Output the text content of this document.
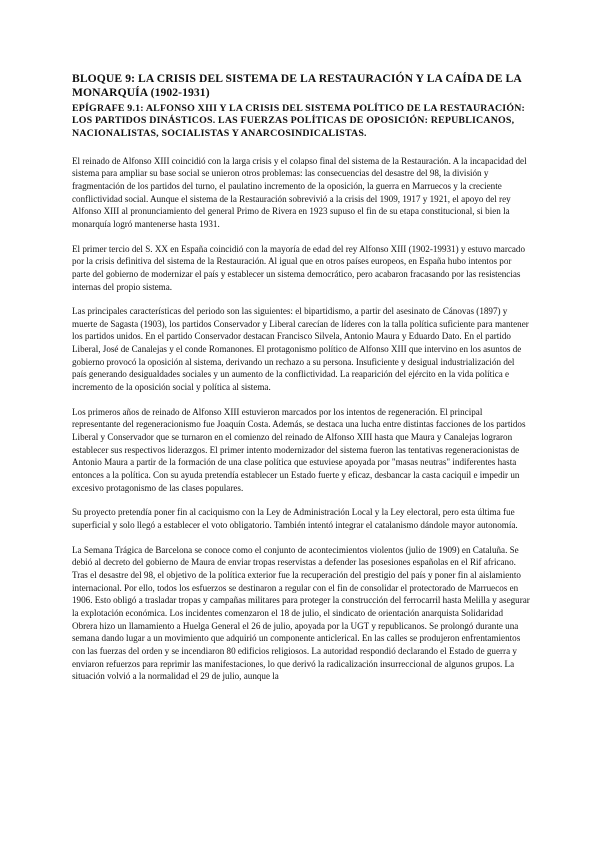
BLOQUE 9: LA CRISIS DEL SISTEMA DE LA RESTAURACIÓN Y LA CAÍDA DE LA MONARQUÍA (1902-1931)
EPÍGRAFE 9.1: ALFONSO XIII Y LA CRISIS DEL SISTEMA POLÍTICO DE LA RESTAURACIÓN: LOS PARTIDOS DINÁSTICOS. LAS FUERZAS POLÍTICAS DE OPOSICIÓN: REPUBLICANOS, NACIONALISTAS, SOCIALISTAS Y ANARCOSINDICALISTAS.

El reinado de Alfonso XIII coincidió con la larga crisis y el colapso final del sistema de la Restauración. A la incapacidad del sistema para ampliar su base social se unieron otros problemas: las consecuencias del desastre del 98, la división y fragmentación de los partidos del turno, el paulatino incremento de la oposición, la guerra en Marruecos y la creciente conflictividad social. Aunque el sistema de la Restauración sobrevivió a la crisis del 1909, 1917 y 1921, el apoyo del rey Alfonso XIII al pronunciamiento del general Primo de Rivera en 1923 supuso el fin de su etapa constitucional, si bien la monarquía logró mantenerse hasta 1931.

El primer tercio del S. XX en España coincidió con la mayoría de edad del rey Alfonso XIII (1902-19931) y estuvo marcado por la crisis definitiva del sistema de la Restauración. Al igual que en otros países europeos, en España hubo intentos por parte del gobierno de modernizar el país y establecer un sistema democrático, pero acabaron fracasando por las resistencias internas del propio sistema.

Las principales características del periodo son las siguientes: el bipartidismo, a partir del asesinato de Cánovas (1897) y muerte de Sagasta (1903), los partidos Conservador y Liberal carecían de líderes con la talla política suficiente para mantener los partidos unidos. En el partido Conservador destacan Francisco Silvela, Antonio Maura y Eduardo Dato. En el partido Liberal, José de Canalejas y el conde Romanones. El protagonismo político de Alfonso XIII que intervino en los asuntos de gobierno provocó la oposición al sistema, derivando un rechazo a su persona. Insuficiente y desigual industrialización del país generando desigualdades sociales y un aumento de la conflictividad. La reaparición del ejército en la vida política e incremento de la oposición social y política al sistema.

Los primeros años de reinado de Alfonso XIII estuvieron marcados por los intentos de regeneración. El principal representante del regeneracionismo fue Joaquín Costa. Además, se destaca una lucha entre distintas facciones de los partidos Liberal y Conservador que se turnaron en el comienzo del reinado de Alfonso XIII hasta que Maura y Canalejas lograron establecer sus respectivos liderazgos. El primer intento modernizador del sistema fueron las tentativas regeneracionistas de Antonio Maura a partir de la formación de una clase política que estuviese apoyada por "masas neutras" indiferentes hasta entonces a la política. Con su ayuda pretendía establecer un Estado fuerte y eficaz, desbancar la casta caciquil e impedir un excesivo protagonismo de las clases populares.

Su proyecto pretendía poner fin al caciquismo con la Ley de Administración Local y la Ley electoral, pero esta última fue superficial y solo llegó a establecer el voto obligatorio. También intentó integrar el catalanismo dándole mayor autonomía.

La Semana Trágica de Barcelona se conoce como el conjunto de acontecimientos violentos (julio de 1909) en Cataluña. Se debió al decreto del gobierno de Maura de enviar tropas reservistas a defender las posesiones españolas en el Rif africano. Tras el desastre del 98, el objetivo de la política exterior fue la recuperación del prestigio del país y poner fin al aislamiento internacional. Por ello, todos los esfuerzos se destinaron a regular con el fin de consolidar el protectorado de Marruecos en 1906. Esto obligó a trasladar tropas y campañas militares para proteger la construcción del ferrocarril hasta Melilla y asegurar la explotación económica. Los incidentes comenzaron el 18 de julio, el sindicato de orientación anarquista Solidaridad Obrera hizo un llamamiento a Huelga General el 26 de julio, apoyada por la UGT y republicanos. Se prolongó durante una semana dando lugar a un movimiento que adquirió un componente anticlerical. En las calles se produjeron enfrentamientos con las fuerzas del orden y se incendiaron 80 edificios religiosos. La autoridad respondió declarando el Estado de guerra y enviaron refuerzos para reprimir las manifestaciones, lo que derivó la radicalización insurreccional de algunos grupos. La situación volvió a la normalidad el 29 de julio, aunque la
